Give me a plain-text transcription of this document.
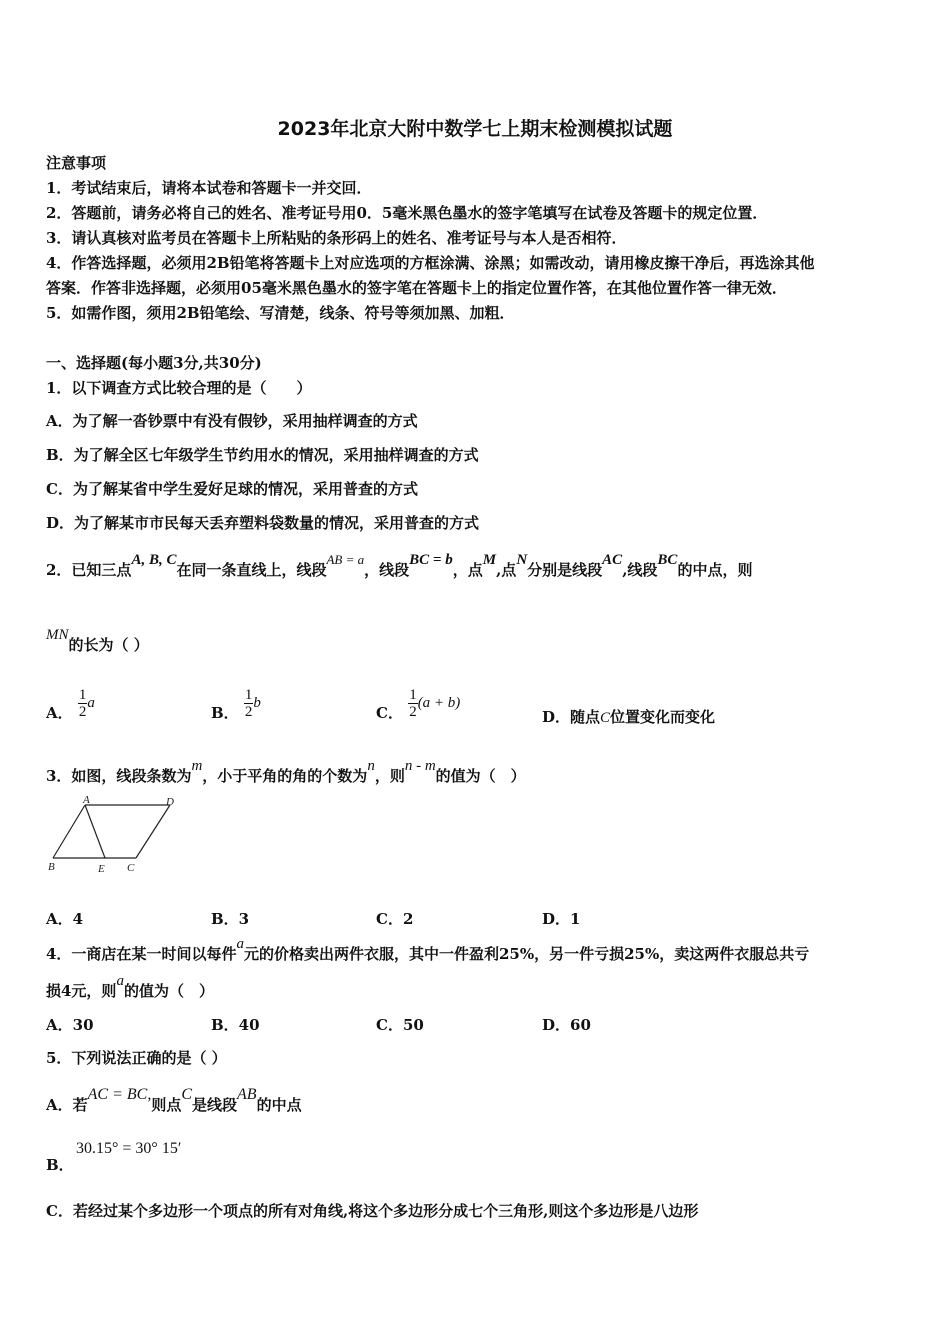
2023年北京大附中数学七上期末检测模拟试题
注意事项
1．考试结束后，请将本试卷和答题卡一并交回．
2．答题前，请务必将自己的姓名、准考证号用0．5毫米黑色墨水的签字笔填写在试卷及答题卡的规定位置．
3．请认真核对监考员在答题卡上所粘贴的条形码上的姓名、准考证号与本人是否相符．
4．作答选择题，必须用2B铅笔将答题卡上对应选项的方框涂满、涂黑；如需改动，请用橡皮擦干净后，再选涂其他
答案．作答非选择题，必须用05毫米黑色墨水的签字笔在答题卡上的指定位置作答，在其他位置作答一律无效．
5．如需作图，须用2B铅笔绘、写清楚，线条、符号等须加黑、加粗．
一、选择题(每小题3分,共30分)
1．以下调查方式比较合理的是（　　）
A．为了解一沓钞票中有没有假钞，采用抽样调查的方式
B．为了解全区七年级学生节约用水的情况，采用抽样调查的方式
C．为了解某省中学生爱好足球的情况，采用普查的方式
D．为了解某市市民每天丢弃塑料袋数量的情况，采用普查的方式
2．已知三点A, B, C在同一条直线上，线段AB = a，线段BC = b，点M,点N分别是线段AC,线段BC的中点，则
MN的长为（ ）
A． $\frac{1}{2}$ a
B． $\frac{1}{2}$ b
C． $\frac{1}{2} (a + b)$
D．随点C位置变化而变化
3．如图，线段条数为m，小于平角的角的个数为n，则n - m的值为（　）
A	D
B	E C
A．4	B．3	C．2	D．1
4．一商店在某一时间以每件a元的价格卖出两件衣服，其中一件盈利25%，另一件亏损25%，卖这两件衣服总共亏
损4元，则a的值为（　）
A．30	B．40	C．50	D．60
5．下列说法正确的是（ ）
A．若AC = BC,则点C是线段AB的中点
B．
30.15° = 30° 15′
C．若经过某个多边形一个项点的所有对角线,将这个多边形分成七个三角形,则这个多边形是八边形
